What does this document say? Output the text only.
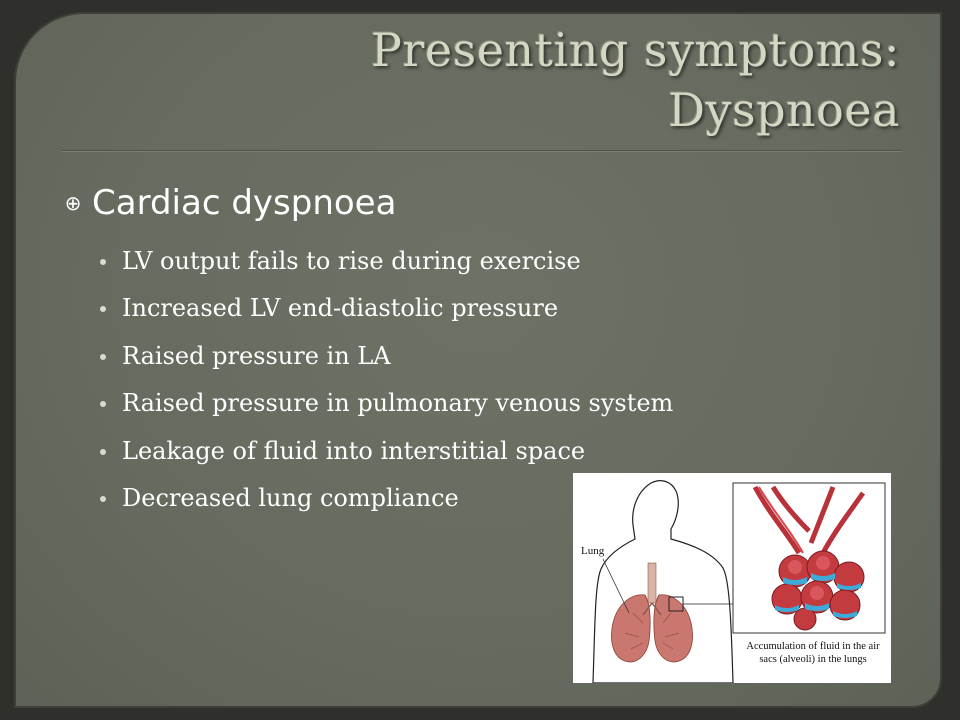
Presenting symptoms:
Dyspnoea
⊕ Cardiac dyspnoea
LV output fails to rise during exercise
Increased LV end-diastolic pressure
Raised pressure in LA
Raised pressure in pulmonary venous system
Leakage of fluid into interstitial space
Decreased lung compliance
Lung
Accumulation of fluid in the air sacs (alveoli) in the lungs
